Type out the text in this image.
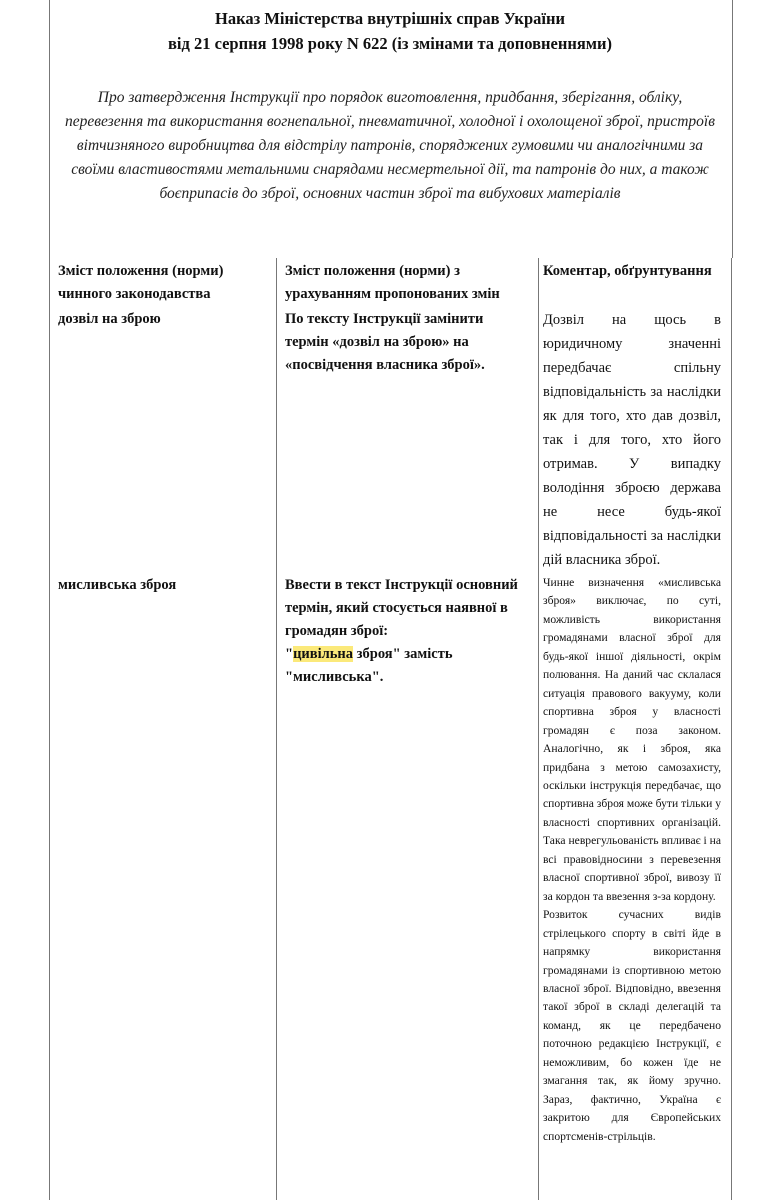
Наказ Міністерства внутрішніх справ України
від 21 серпня 1998 року N 622 (із змінами та доповненнями)
Про затвердження Інструкції про порядок виготовлення, придбання, зберігання, обліку, перевезення та використання вогнепальної, пневматичної, холодної і охолощеної зброї, пристроїв вітчизняного виробництва для відстрілу патронів, споряджених гумовими чи аналогічними за своїми властивостями метальними снарядами несмертельної дії, та патронів до них, а також боєприпасів до зброї, основних частин зброї та вибухових матеріалів
Зміст положення (норми) чинного законодавства
Зміст положення (норми) з урахуванням пропонованих змін
Коментар, обґрунтування
дозвіл на зброю	По тексту Інструкції замінити термін «дозвіл на зброю» на «посвідчення власника зброї».
Дозвіл на щось в юридичному значенні передбачає спільну відповідальність за наслідки як для того, хто дав дозвіл, так і для того, хто його отримав. У випадку володіння зброєю держава не несе будь-якої відповідальності за наслідки дій власника зброї.
мисливська зброя	Ввести в текст Інструкції основний термін, який стосується наявної в громадян зброї:

"цивільна зброя" замість "мисливська".

Чинне визначення «мисливська зброя» виключає, по суті, можливість використання громадянами власної зброї для будь-якої іншої діяльності, окрім полювання. На даний час склалася ситуація правового вакууму, коли спортивна зброя у власності громадян є поза законом. Аналогічно, як і зброя, яка придбана з метою самозахисту, оскільки інструкція передбачає, що спортивна зброя може бути тільки у власності спортивних організацій. Така неврегульованість впливає і на всі правовідносини з перевезення власної спортивної зброї, вивозу її за кордон та ввезення з-за кордону.

Розвиток сучасних видів стрілецького спорту в світі йде в напрямку використання громадянами із спортивною метою власної зброї. Відповідно, ввезення такої зброї в складі делегацій та команд, як це передбачено поточною редакцією Інструкції, є неможливим, бо кожен їде не змагання так, як йому зручно. Зараз, фактично, Україна є закритою для Європейських спортсменів-стрільців.
